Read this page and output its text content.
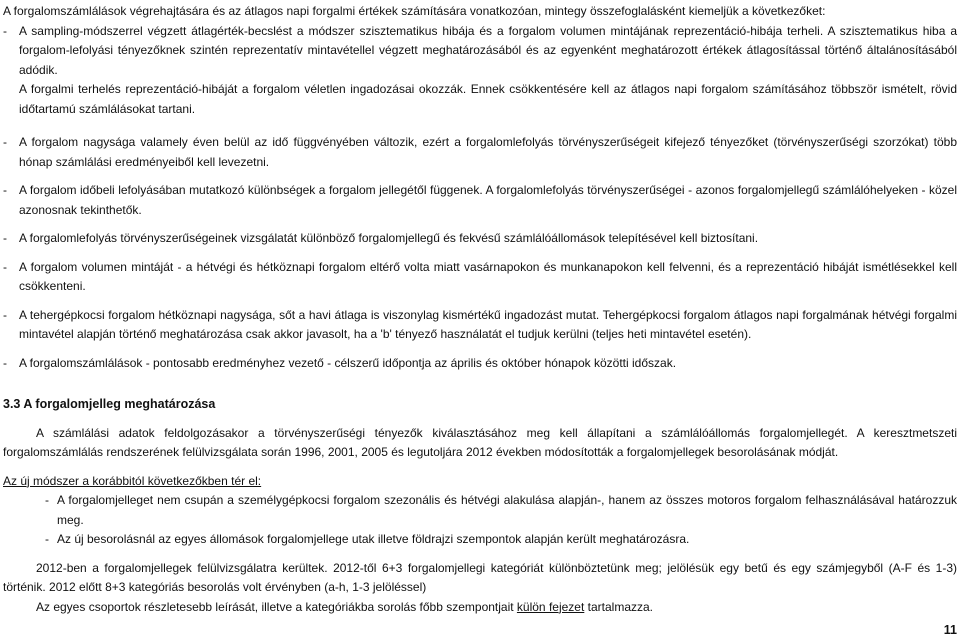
A forgalomszámlálások végrehajtására és az átlagos napi forgalmi értékek számítására vonatkozóan, mintegy összefoglalásként kiemeljük a következőket:

-	A sampling-módszerrel végzett átlagérték-becslést a módszer szisztematikus hibája és a forgalom volumen mintájának reprezentáció-hibája terheli. A szisztematikus hiba a forgalom-lefolyási tényezőknek szintén reprezentatív mintavétellel végzett meghatározásából és az egyenként meghatározott értékek átlagosítással történő általánosításából adódik.

A forgalmi terhelés reprezentáció-hibáját a forgalom véletlen ingadozásai okozzák. Ennek csökkentésére kell az átlagos napi forgalom számításához többször ismételt, rövid időtartamú számlálásokat tartani.

-	A forgalom nagysága valamely éven belül az idő függvényében változik, ezért a forgalomlefolyás törvényszerűségeit kifejező tényezőket (törvényszerűségi szorzókat) több hónap számlálási eredményeiből kell levezetni.
-	A forgalom időbeli lefolyásában mutatkozó különbségek a forgalom jellegétől függenek. A forgalomlefolyás törvényszerűségei - azonos forgalomjellegű számlálóhelyeken - közel azonosnak tekinthetők.
-	A forgalomlefolyás törvényszerűségeinek vizsgálatát különböző forgalomjellegű és fekvésű számlálóállomások telepítésével kell biztosítani.
-	A forgalom volumen mintáját - a hétvégi és hétköznapi forgalom eltérő volta miatt vasárnapokon és munkanapokon kell felvenni, és a reprezentáció hibáját ismétlésekkel kell csökkenteni.
-	A tehergépkocsi forgalom hétköznapi nagysága, sőt a havi átlaga is viszonylag kismértékű ingadozást mutat. Tehergépkocsi forgalom átlagos napi forgalmának hétvégi forgalmi mintavétel alapján történő meghatározása csak akkor javasolt, ha a 'b' tényező használatát el tudjuk kerülni (teljes heti mintavétel esetén).
-	A forgalomszámlálások - pontosabb eredményhez vezető - célszerű időpontja az április és október hónapok közötti időszak.

3.3 A forgalomjelleg meghatározása

A számlálási adatok feldolgozásakor a törvényszerűségi tényezők kiválasztásához meg kell állapítani a számlálóállomás forgalomjellegét. A keresztmetszeti forgalomszámlálás rendszerének felülvizsgálata során 1996, 2001, 2005 és legutoljára 2012 években módosították a forgalomjellegek besorolásának módját.

Az új módszer a korábbitól következőkben tér el:

- A forgalomjelleget nem csupán a személygépkocsi forgalom szezonális és hétvégi alakulása alapján-, hanem az összes motoros forgalom felhasználásával határozzuk meg.
- Az új besorolásnál az egyes állomások forgalomjellege utak illetve földrajzi szempontok alapján került meghatározásra.

2012-ben a forgalomjellegek felülvizsgálatra kerültek. 2012-től 6+3 forgalomjellegi kategóriát különböztetünk meg; jelölésük egy betű és egy számjegyből (A-F és 1-3) történik. 2012 előtt 8+3 kategóriás besorolás volt érvényben (a-h, 1-3 jelöléssel)

Az egyes csoportok részletesebb leírását, illetve a kategóriákba sorolás főbb szempontjait külön fejezet tartalmazza.

11
